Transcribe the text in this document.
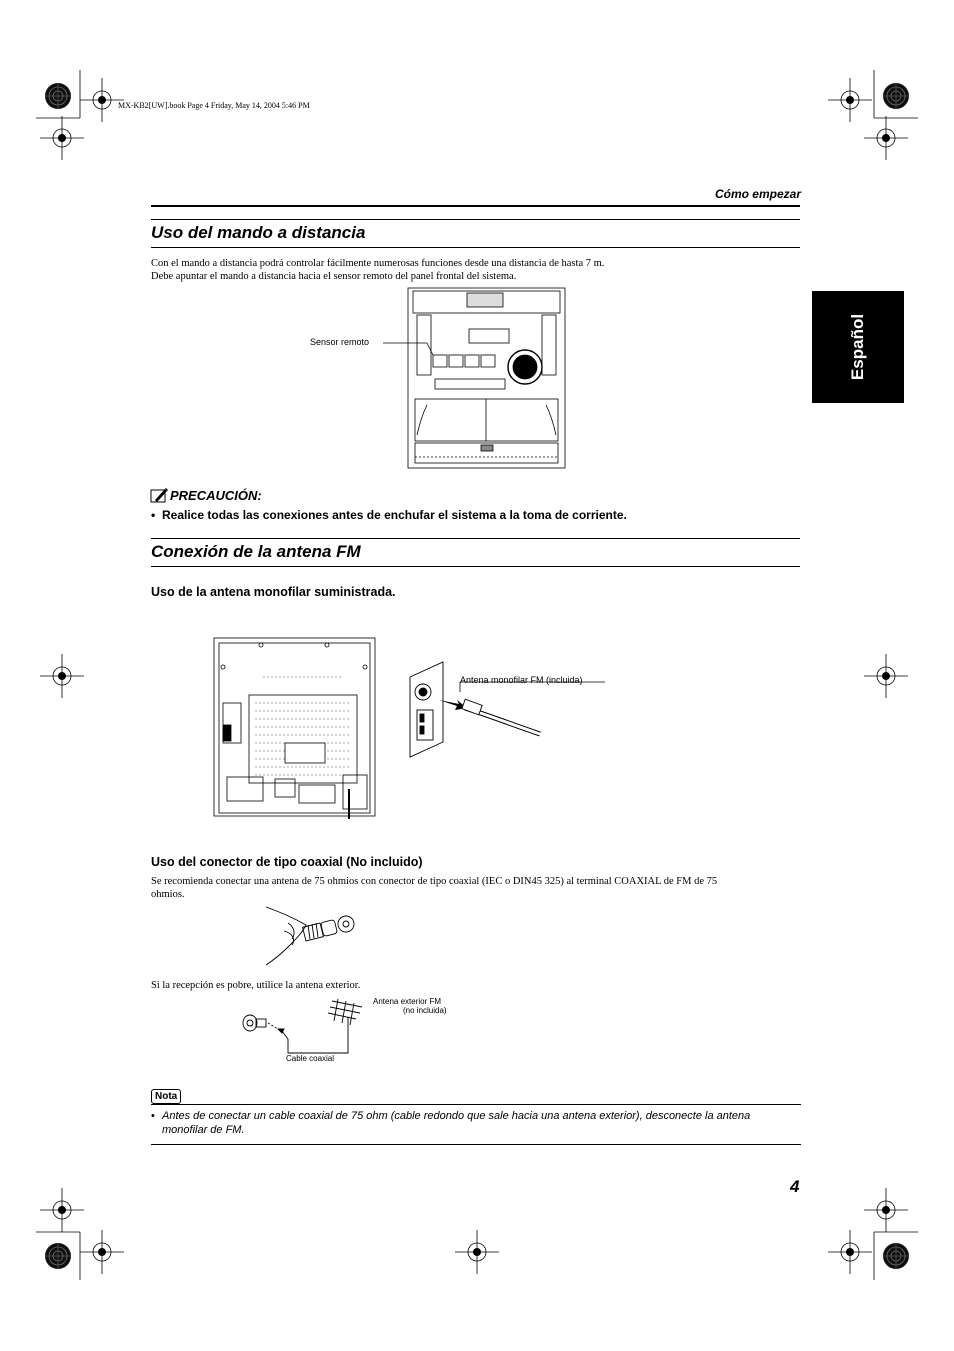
MX-KB2[UW].book Page 4 Friday, May 14, 2004 5:46 PM
Cómo empezar
Español
Uso del mando a distancia
Con el mando a distancia podrá controlar fácilmente numerosas funciones desde una distancia de hasta 7 m.
Debe apuntar el mando a distancia hacia el sensor remoto del panel frontal del sistema.
Sensor remoto
PRECAUCIÓN:
• Realice todas las conexiones antes de enchufar el sistema a la toma de corriente.
Conexión de la antena FM
Uso de la antena monofilar suministrada.
Antena monofilar FM (incluida)
Uso del conector de tipo coaxial (No incluido)
Se recomienda conectar una antena de 75 ohmios con conector de tipo coaxial (IEC o DIN45 325) al terminal COAXIAL de FM de 75
ohmios.
Si la recepción es pobre, utilice la antena exterior.
Antena exterior FM
(no incluida)
Cable coaxial
Nota
• Antes de conectar un cable coaxial de 75 ohm (cable redondo que sale hacia una antena exterior), desconecte la antena
monofilar de FM.
4
